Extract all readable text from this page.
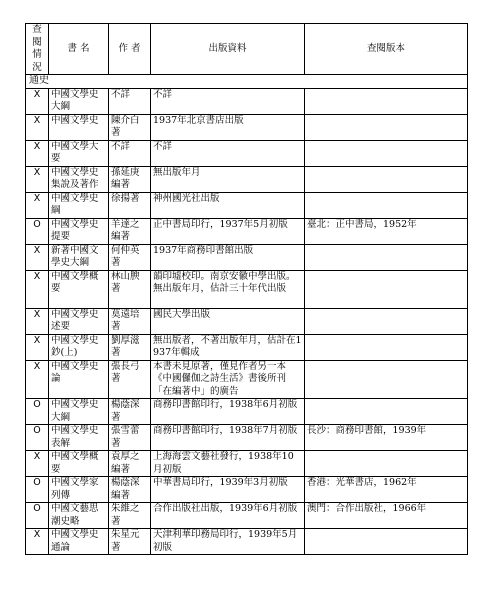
查閱情況	書 名	作 者	出版資料	查閱版本
通史				
X	中國文學史大綱	不詳	不詳	
X	中國文學史	陳介白著	1937年北京書店出版	
X	中國文學大要	不詳	不詳	
X	中國文學史集說及著作	孫延庚編著	無出版年月	
X	中國文學史綱	徐揚著	神州國光社出版	
O	中國文學史提要	羊達之編著	正中書局印行，1937年5月初版	臺北：正中書局，1952年
X	新著中國文學史大綱	何仲英著	1937年商務印書館出版	
X	中國文學概要	林山腴著	韻印墟校印。南京安徽中學出版。無出版年月，估計三十年代出版	
X	中國文學史述要	莫遠培著	國民大學出版	
X	中國文學史鈔(上)	劉厚滋著	無出版者，不著出版年月，估計在1937年輯成	
X	中國文學史論	張長弓著	本書未見原著，僅見作者另一本《中國儸伽之詩生活》書後所刊「在編著中」的廣告	
O	中國文學史大綱	楊蔭深著	商務印書館印行，1938年6月初版	
O	中國文學史表解	張雪蕾著	商務印書館印行，1938年7月初版	長沙：商務印書館，1939年
X	中國文學概要	袁厚之編著	上海海雲文藝社發行，1938年10月初版	
O	中國文學家列傳	楊蔭深編著	中華書局印行，1939年3月初版	香港：光華書店，1962年
O	中國文藝思潮史略	朱維之著	合作出版社出版，1939年6月初版	澳門：合作出版社，1966年
X	中國文學史通論	朱星元著	天津利華印務局印行，1939年5月初版	
